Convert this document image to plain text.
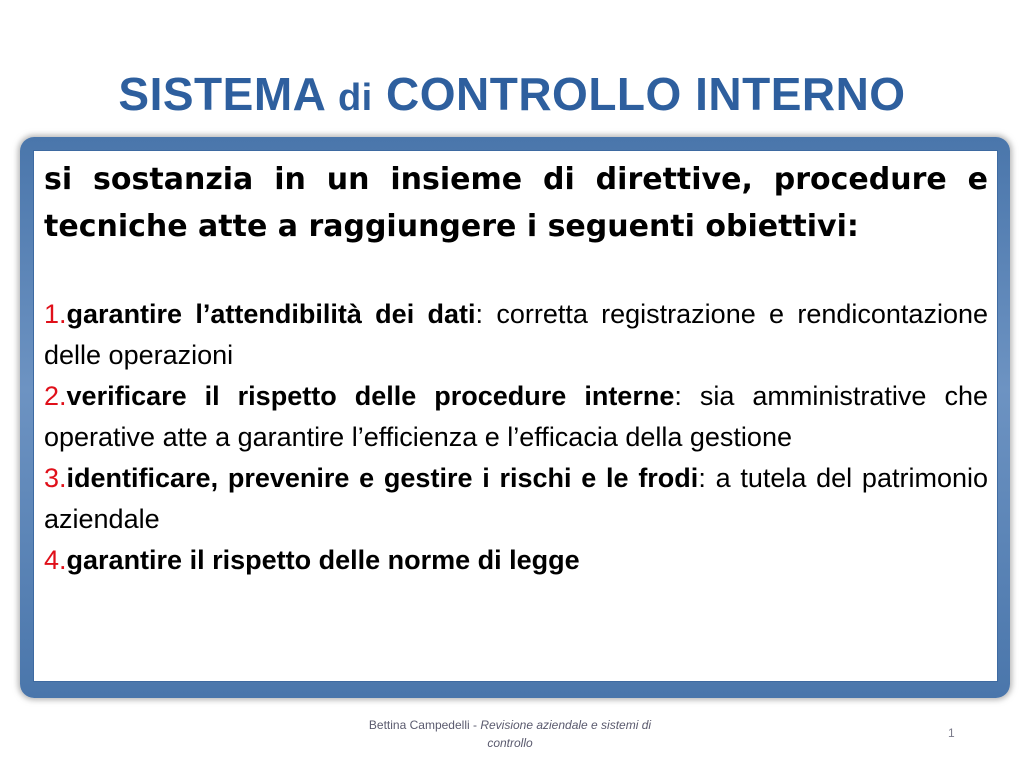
SISTEMA di CONTROLLO INTERNO

si sostanzia in un insieme di direttive, procedure e tecniche atte a raggiungere i seguenti obiettivi:

1.garantire l’attendibilità dei dati: corretta registrazione e rendicontazione delle operazioni

2.verificare il rispetto delle procedure interne: sia amministrative che operative atte a garantire l’efficienza e l’efficacia della gestione

3.identificare, prevenire e gestire i rischi e le frodi: a tutela del patrimonio aziendale

4.garantire il rispetto delle norme di legge

Bettina Campedelli - Revisione aziendale e sistemi di controllo
1
